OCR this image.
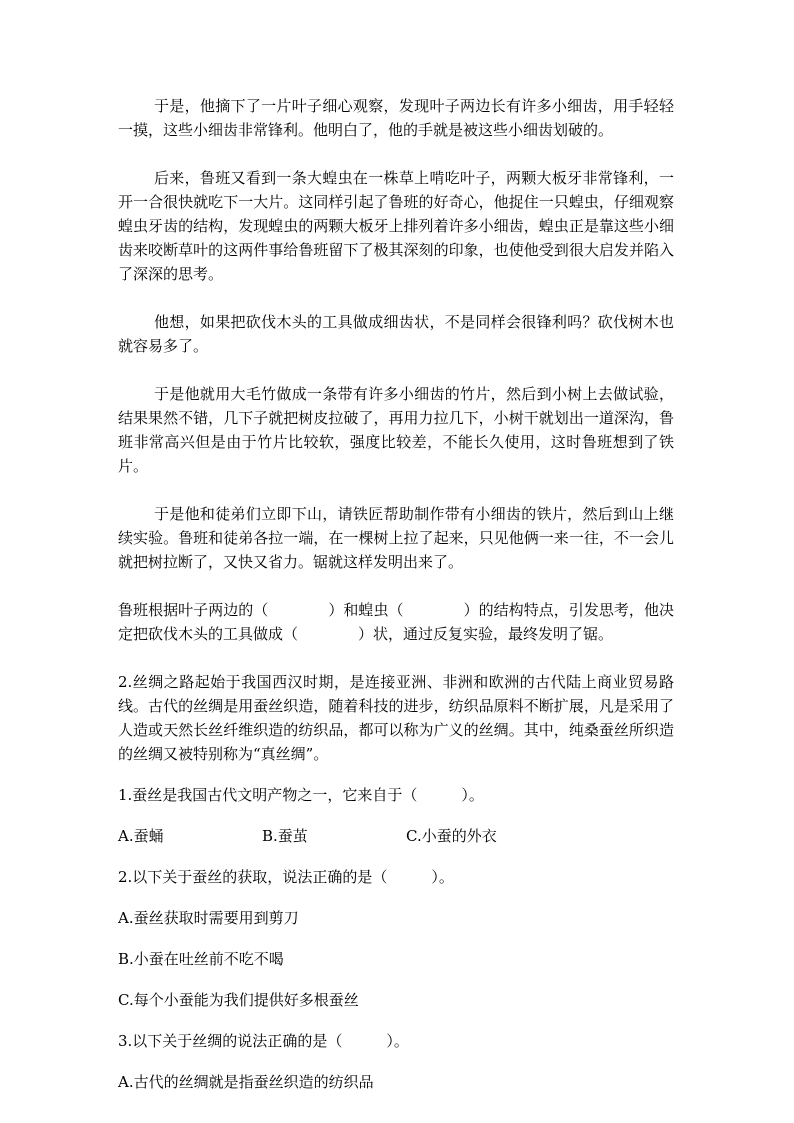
于是，他摘下了一片叶子细心观察，发现叶子两边长有许多小细齿，用手轻轻一摸，这些小细齿非常锋利。他明白了，他的手就是被这些小细齿划破的。

后来，鲁班又看到一条大蝗虫在一株草上啃吃叶子，两颗大板牙非常锋利，一开一合很快就吃下一大片。这同样引起了鲁班的好奇心，他捉住一只蝗虫，仔细观察蝗虫牙齿的结构，发现蝗虫的两颗大板牙上排列着许多小细齿，蝗虫正是靠这些小细齿来咬断草叶的这两件事给鲁班留下了极其深刻的印象，也使他受到很大启发并陷入了深深的思考。

他想，如果把砍伐木头的工具做成细齿状，不是同样会很锋利吗？砍伐树木也就容易多了。

于是他就用大毛竹做成一条带有许多小细齿的竹片，然后到小树上去做试验，结果果然不错，几下子就把树皮拉破了，再用力拉几下，小树干就划出一道深沟，鲁班非常高兴但是由于竹片比较软，强度比较差，不能长久使用，这时鲁班想到了铁片。

于是他和徒弟们立即下山，请铁匠帮助制作带有小细齿的铁片，然后到山上继续实验。鲁班和徒弟各拉一端，在一棵树上拉了起来，只见他俩一来一往，不一会儿就把树拉断了，又快又省力。锯就这样发明出来了。

鲁班根据叶子两边的（	）和蝗虫（	）的结构特点，引发思考，他决定把砍伐木头的工具做成（	）状，通过反复实验，最终发明了锯。

2.丝绸之路起始于我国西汉时期，是连接亚洲、非洲和欧洲的古代陆上商业贸易路线。古代的丝绸是用蚕丝织造，随着科技的进步，纺织品原料不断扩展，凡是采用了人造或天然长丝纤维织造的纺织品，都可以称为广义的丝绸。其中，纯桑蚕丝所织造的丝绸又被特别称为“真丝绸”。

1.蚕丝是我国古代文明产物之一，它来自于（	）。

A.蚕蛹	B.蚕茧	C.小蚕的外衣

2.以下关于蚕丝的获取，说法正确的是（	）。

A.蚕丝获取时需要用到剪刀

B.小蚕在吐丝前不吃不喝

C.每个小蚕能为我们提供好多根蚕丝

3.以下关于丝绸的说法正确的是（	）。

A.古代的丝绸就是指蚕丝织造的纺织品
